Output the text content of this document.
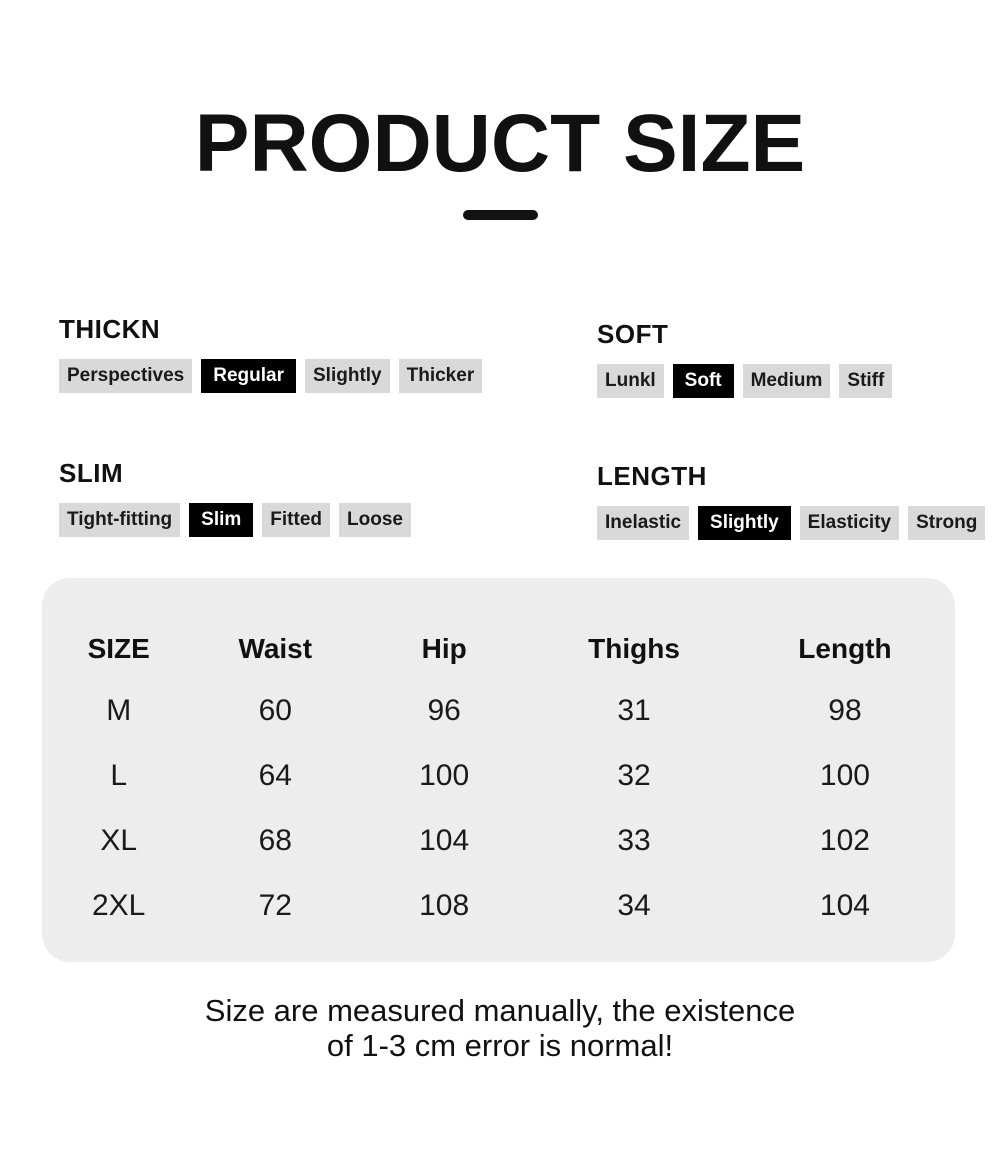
PRODUCT SIZE
THICKN
Perspectives	Regular	Slightly	Thicker
SOFT
Lunkl	Soft	Medium	Stiff
SLIM
Tight-fitting	Slim	Fitted	Loose
LENGTH
Inelastic	Slightly	Elasticity	Strong
SIZE	Waist	Hip	Thighs	Length
M	60	96	31	98
L	64	100	32	100
XL	68	104	33	102
2XL	72	108	34	104
Size are measured manually, the existence
of 1-3 cm error is normal!
